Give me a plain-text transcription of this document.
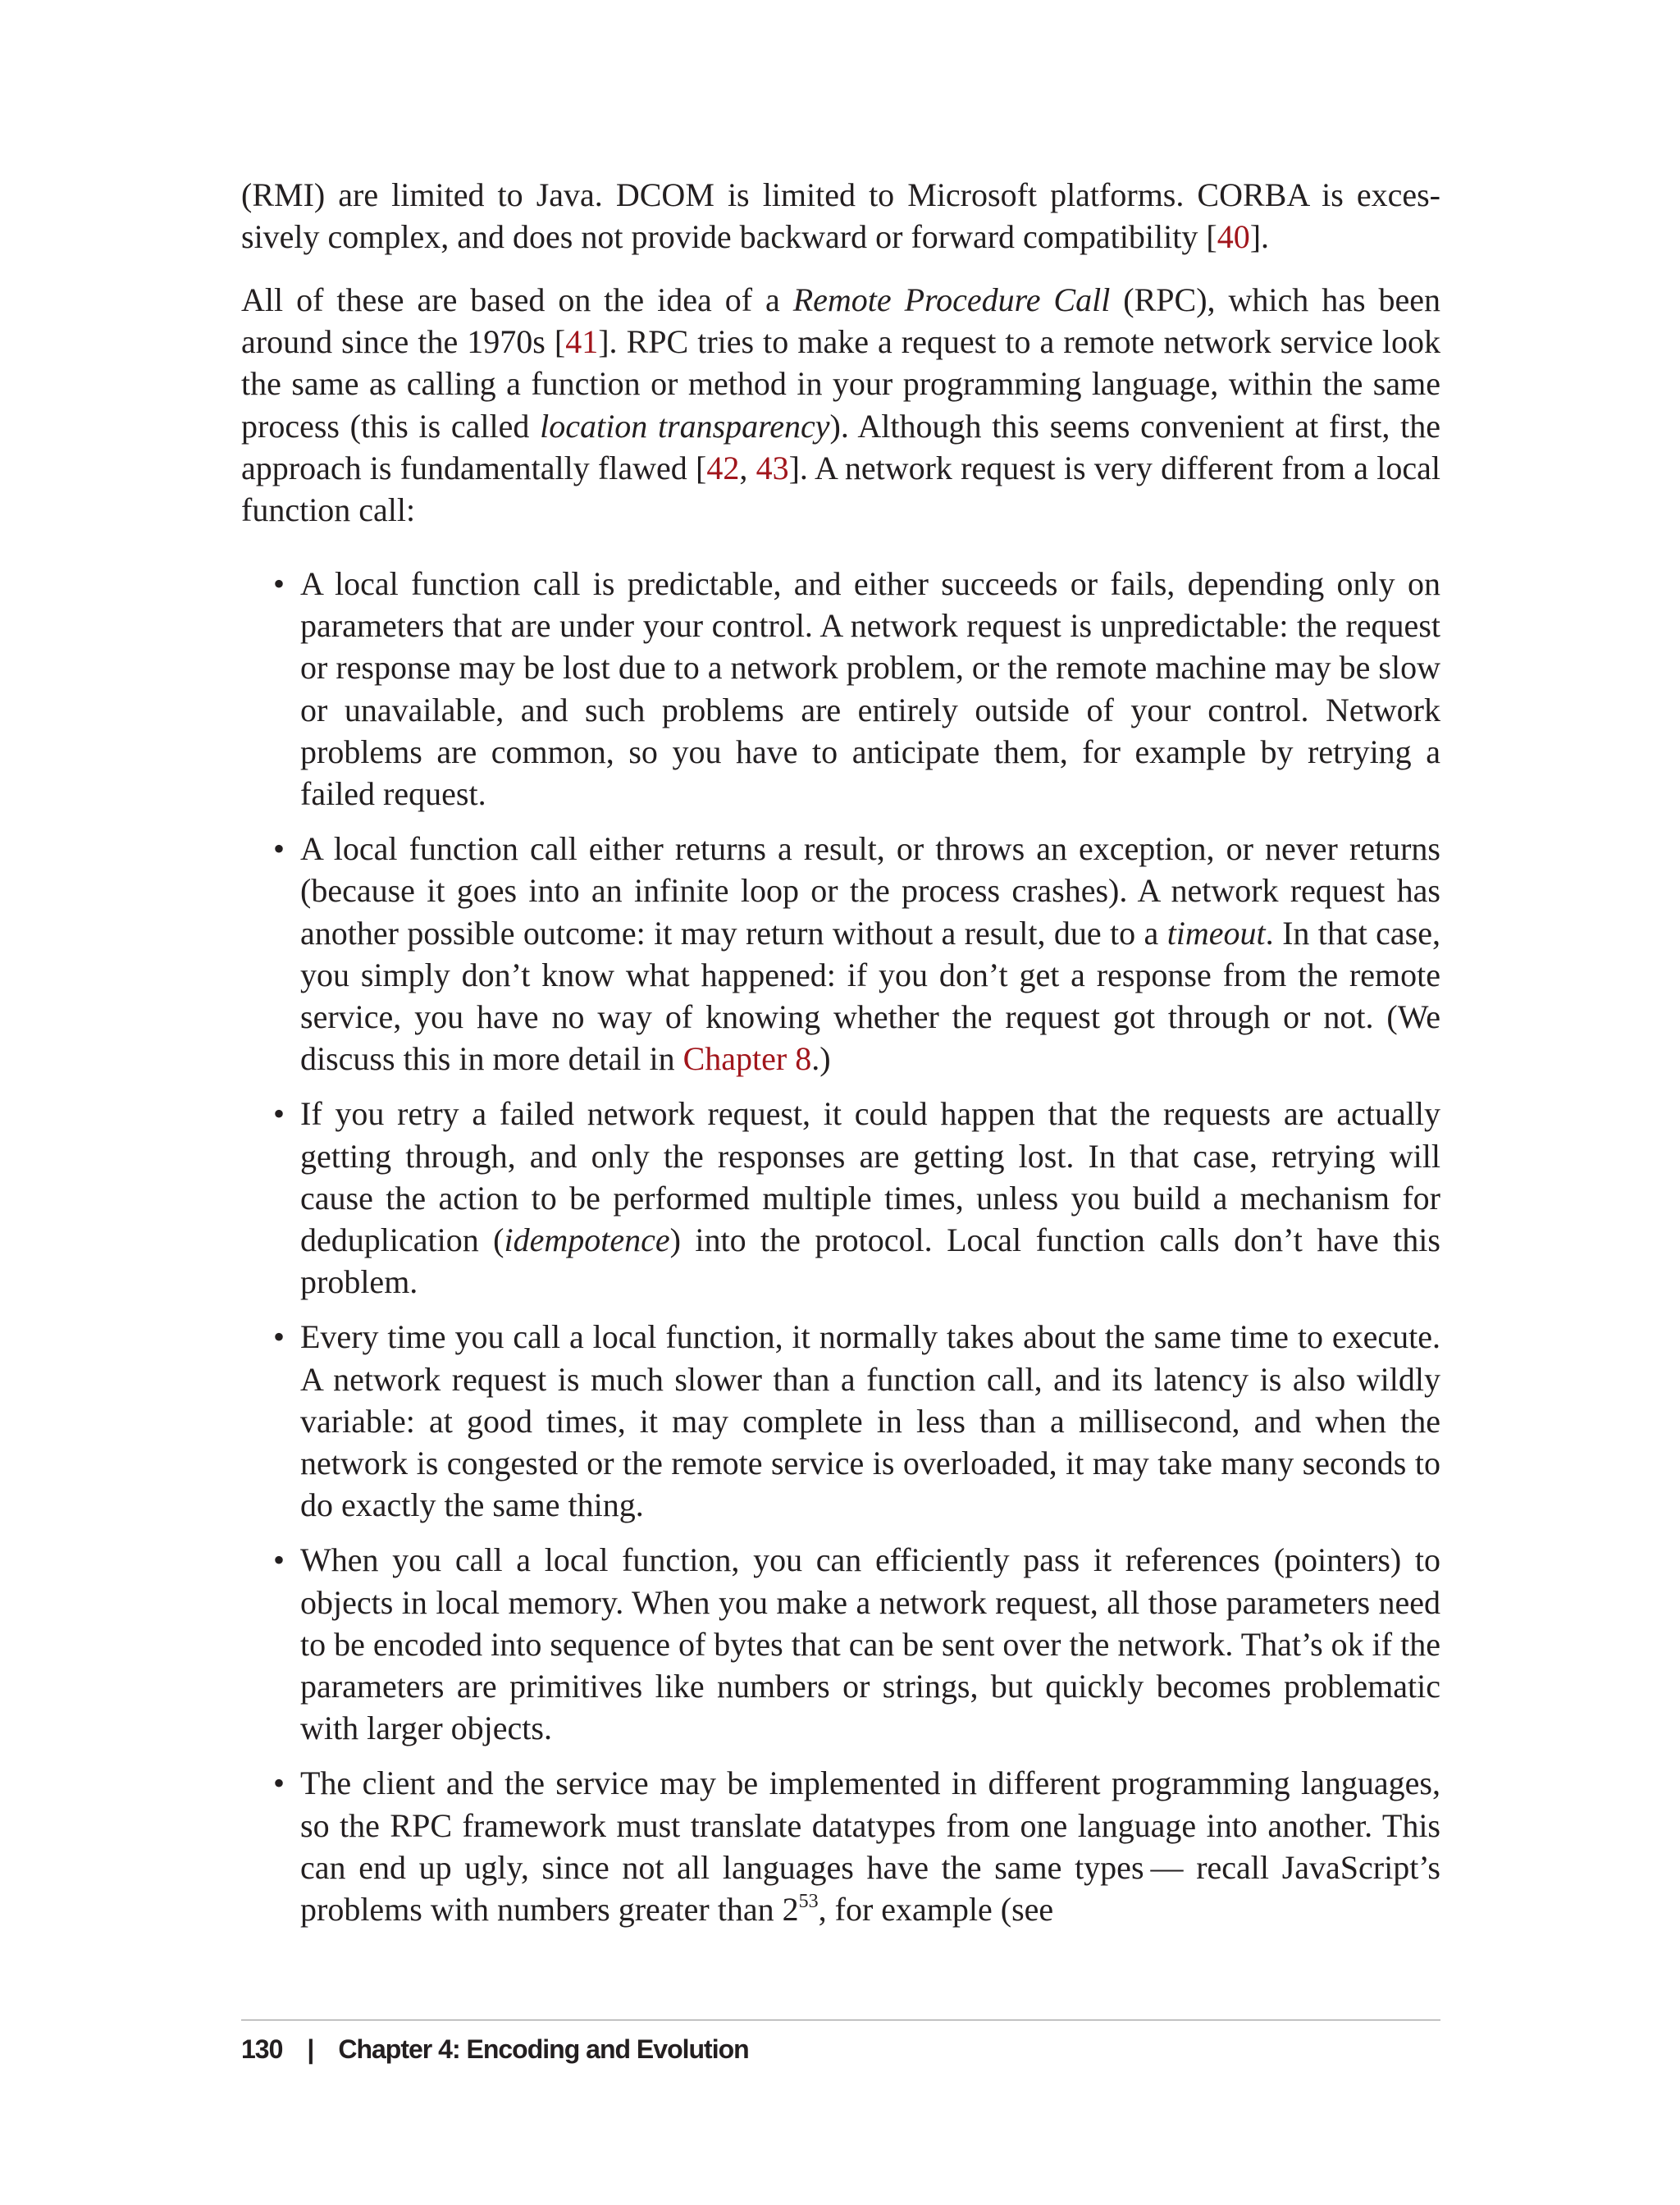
(RMI) are limited to Java. DCOM is limited to Microsoft platforms. CORBA is excessively complex, and does not provide backward or forward compatibility [40].

All of these are based on the idea of a Remote Procedure Call (RPC), which has been around since the 1970s [41]. RPC tries to make a request to a remote network service look the same as calling a function or method in your programming language, within the same process (this is called location transparency). Although this seems convenient at first, the approach is fundamentally flawed [42, 43]. A network request is very different from a local function call:

• A local function call is predictable, and either succeeds or fails, depending only on parameters that are under your control. A network request is unpredictable: the request or response may be lost due to a network problem, or the remote machine may be slow or unavailable, and such problems are entirely outside of your control. Network problems are common, so you have to anticipate them, for example by retrying a failed request.
• A local function call either returns a result, or throws an exception, or never returns (because it goes into an infinite loop or the process crashes). A network request has another possible outcome: it may return without a result, due to a timeout. In that case, you simply don’t know what happened: if you don’t get a response from the remote service, you have no way of knowing whether the request got through or not. (We discuss this in more detail in Chapter 8.)
• If you retry a failed network request, it could happen that the requests are actually getting through, and only the responses are getting lost. In that case, retrying will cause the action to be performed multiple times, unless you build a mechanism for deduplication (idempotence) into the protocol. Local function calls don’t have this problem.
• Every time you call a local function, it normally takes about the same time to execute. A network request is much slower than a function call, and its latency is also wildly variable: at good times, it may complete in less than a millisecond, and when the network is congested or the remote service is overloaded, it may take many seconds to do exactly the same thing.
• When you call a local function, you can efficiently pass it references (pointers) to objects in local memory. When you make a network request, all those parameters need to be encoded into sequence of bytes that can be sent over the network. That’s ok if the parameters are primitives like numbers or strings, but quickly becomes problematic with larger objects.
• The client and the service may be implemented in different programming languages, so the RPC framework must translate datatypes from one language into another. This can end up ugly, since not all languages have the same types — recall JavaScript’s problems with numbers greater than $2^{53}$, for example (see
130 | Chapter 4: Encoding and Evolution
